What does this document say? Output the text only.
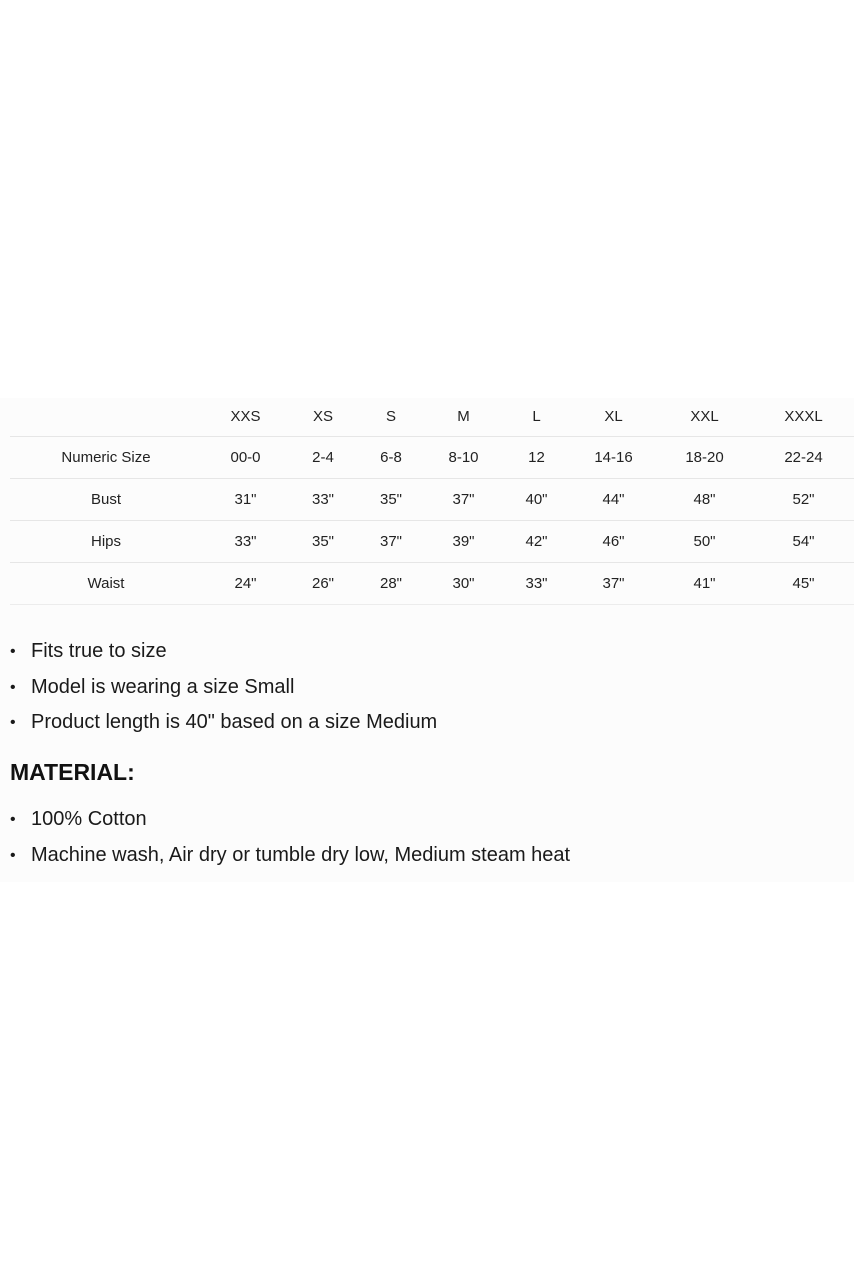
	XXS	XS	S	M	L	XL	XXL	XXXL
Numeric Size	00-0	2-4	6-8	8-10	12	14-16	18-20	22-24
Bust	31"	33"	35"	37"	40"	44"	48"	52"
Hips	33"	35"	37"	39"	42"	46"	50"	54"
Waist	24"	26"	28"	30"	33"	37"	41"	45"
• Fits true to size
• Model is wearing a size Small
• Product length is 40" based on a size Medium
MATERIAL:
• 100% Cotton
• Machine wash, Air dry or tumble dry low, Medium steam heat
